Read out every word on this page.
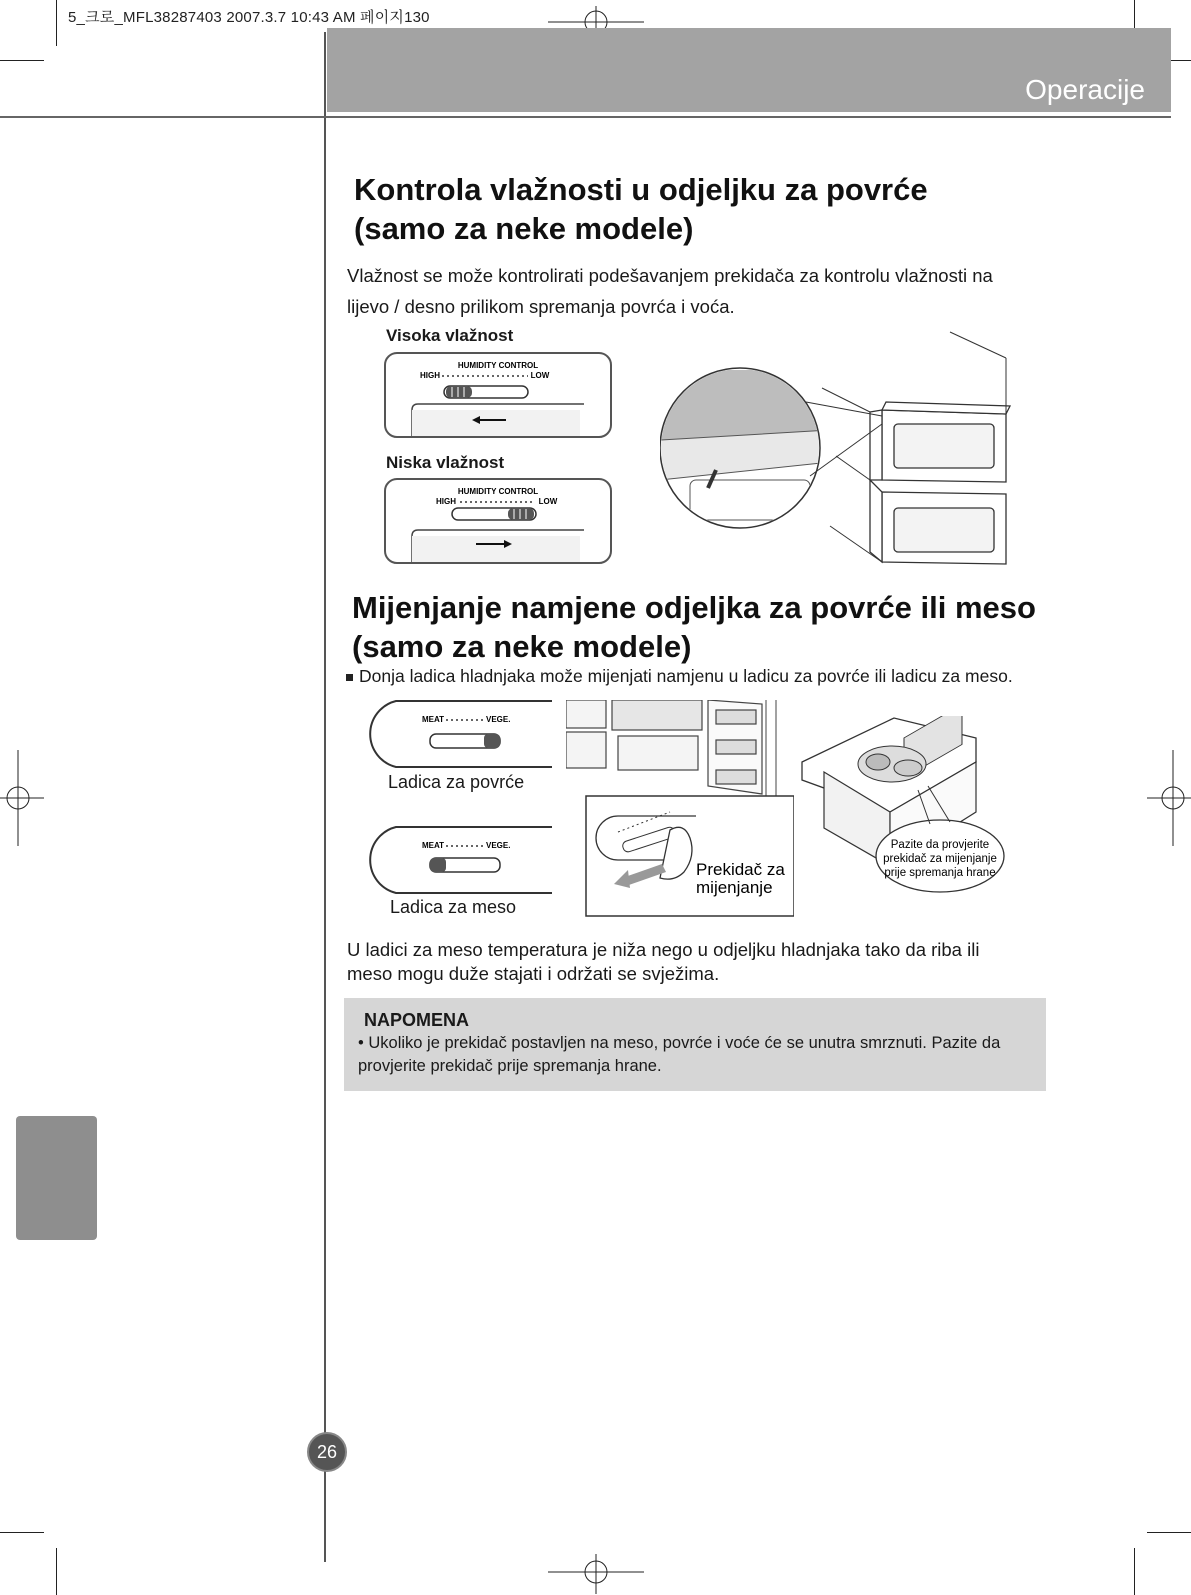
5_크로_MFL38287403 2007.3.7 10:43 AM 페이지130
Operacije
Kontrola vlažnosti u odjeljku za povrće
(samo za neke modele)

Vlažnost se može kontrolirati podešavanjem prekidača za kontrolu vlažnosti na
lijevo / desno prilikom spremanja povrća i voća.

Visoka vlažnost
HUMIDITY CONTROL
HIGH	LOW
Niska vlažnost
HUMIDITY CONTROL
HIGH	LOW
Mijenjanje namjene odjeljka za povrće ili meso
(samo za neke modele)
Donja ladica hladnjaka može mijenjati namjenu u ladicu za povrće ili ladicu za meso.
MEAT	VEGE.
Ladica za povrće
MEAT	VEGE.
Ladica za meso
Prekidač za
mijenjanje
Pazite da provjerite
prekidač za mijenjanje
prije spremanja hrane

U ladici za meso temperatura je niža nego u odjeljku hladnjaka tako da riba ili
meso mogu duže stajati i održati se svježima.

NAPOMENA
• Ukoliko je prekidač postavljen na meso, povrće i voće će se unutra smrznuti. Pazite da provjerite prekidač prije spremanja hrane.
26
